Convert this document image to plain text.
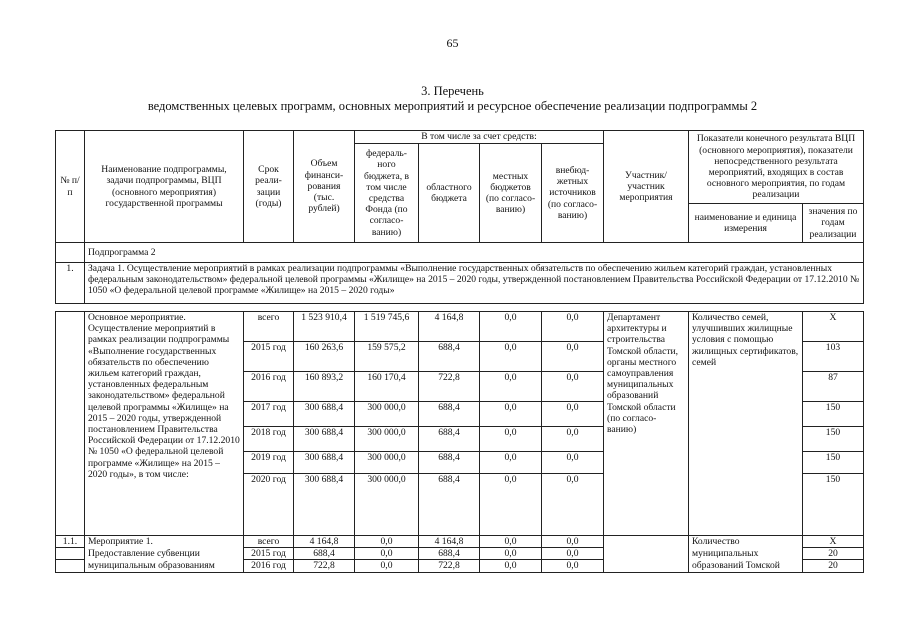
65
3. Перечень
ведомственных целевых программ, основных мероприятий и ресурсное обеспечение реализации подпрограммы 2
№ п/п	Наименование подпрограммы, задачи подпрограммы, ВЦП (основного мероприятия) государственной программы	Срок реали-зации (годы)	Объем финанси-рования (тыс. рублей)	В том числе за счет средств:				Участник/ участник мероприятия	Показатели конечного результата ВЦП (основного мероприятия), показатели непосредственного результата мероприятий, входящих в состав основного мероприятия, по годам реализации	
				федераль-ного бюджета, в том числе средства Фонда (по согласо-ванию)	областного бюджета	местных бюджетов (по согласо-ванию)	внебюд-жетных источников (по согласо-ванию)			
									наименование и единица измерения	значения по годам реализации
	Подпрограмма 2									
1.	Задача 1. Осуществление мероприятий в рамках реализации подпрограммы «Выполнение государственных обязательств по обеспечению жильем категорий граждан, установленных федеральным законодательством» федеральной целевой программы «Жилище» на 2015 – 2020 годы, утвержденной постановлением Правительства Российской Федерации от 17.12.2010 № 1050 «О федеральной целевой программе «Жилище» на 2015 – 2020 годы»									

	Основное мероприятие. Осуществление мероприятий в рамках реализации подпрограммы «Выполнение государственных обязательств по обеспечению жильем категорий граждан, установленных федеральным законодательством» федеральной целевой программы «Жилище» на 2015 – 2020 годы, утвержденной постановлением Правительства Российской Федерации от 17.12.2010 № 1050 «О федеральной целевой программе «Жилище» на 2015 – 2020 годы», в том числе:	всего	1 523 910,4	1 519 745,6	4 164,8	0,0	0,0	Департамент архитектуры и строительства Томской области, органы местного самоуправления муниципальных образований Томской области (по согласо-ванию)	Количество семей, улучшивших жилищные условия с помощью жилищных сертификатов, семей	X
		2015 год	160 263,6	159 575,2	688,4	0,0	0,0			103
		2016 год	160 893,2	160 170,4	722,8	0,0	0,0			87
		2017 год	300 688,4	300 000,0	688,4	0,0	0,0			150
		2018 год	300 688,4	300 000,0	688,4	0,0	0,0			150
		2019 год	300 688,4	300 000,0	688,4	0,0	0,0			150
		2020 год	300 688,4	300 000,0	688,4	0,0	0,0			150
1.1.	Мероприятие 1.	всего	4 164,8	0,0	4 164,8	0,0	0,0		Количество	X
	Предоставление субвенции	2015 год	688,4	0,0	688,4	0,0	0,0		муниципальных	20
	муниципальным образованиям	2016 год	722,8	0,0	722,8	0,0	0,0		образований Томской	20
